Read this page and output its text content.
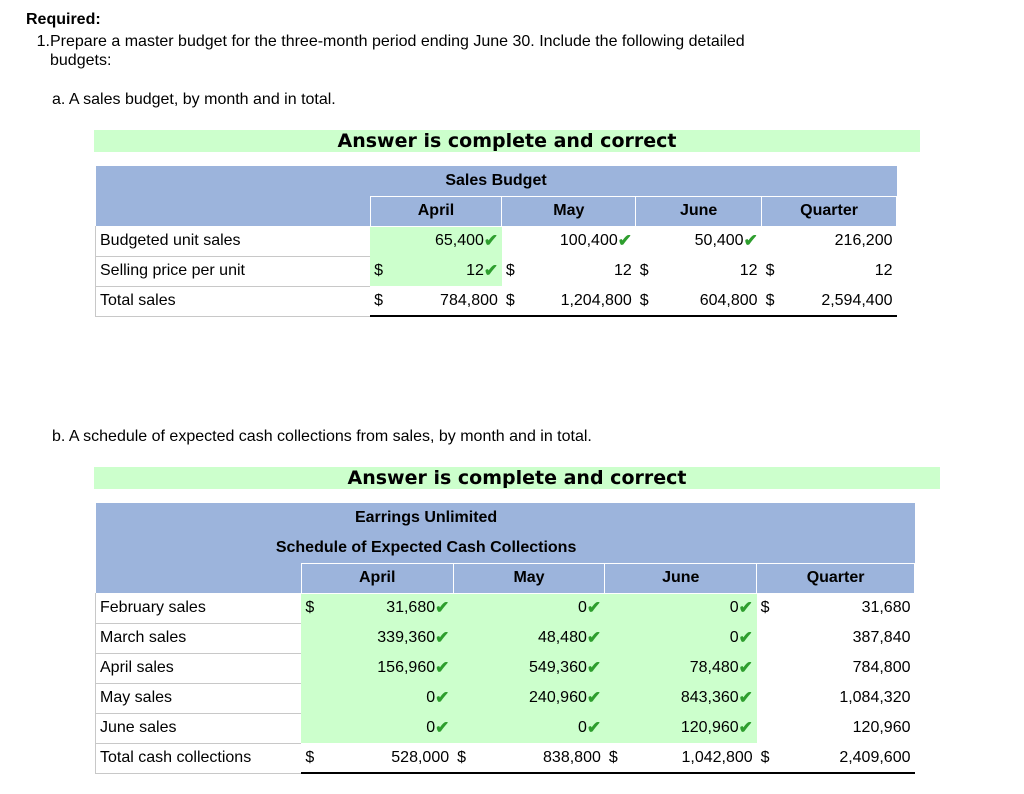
Required:
1.Prepare a master budget for the three-month period ending June 30. Include the following detailed
budgets:
a. A sales budget, by month and in total.
Answer is complete and correct
Sales Budget								
	April		May		June		Quarter	
Budgeted unit sales	65,400 ✔		100,400 ✔		50,400 ✔		216,200	
Selling price per unit	$	12 ✔	$	12	$	12	$	12
Total sales	$	784,800	$	1,204,800	$	604,800	$	2,594,400
b. A schedule of expected cash collections from sales, by month and in total.
Answer is complete and correct
Earrings Unlimited								
Schedule of Expected Cash Collections								
	April		May		June		Quarter	
February sales	$	31,680 ✔	0 ✔		0 ✔		$	31,680
March sales		339,360 ✔	48,480 ✔		0 ✔			387,840
April sales		156,960 ✔	549,360 ✔		78,480 ✔			784,800
May sales		0 ✔	240,960 ✔		843,360 ✔			1,084,320
June sales		0 ✔	0 ✔		120,960 ✔			120,960
Total cash collections	$	528,000	$	838,800	$	1,042,800	$	2,409,600
